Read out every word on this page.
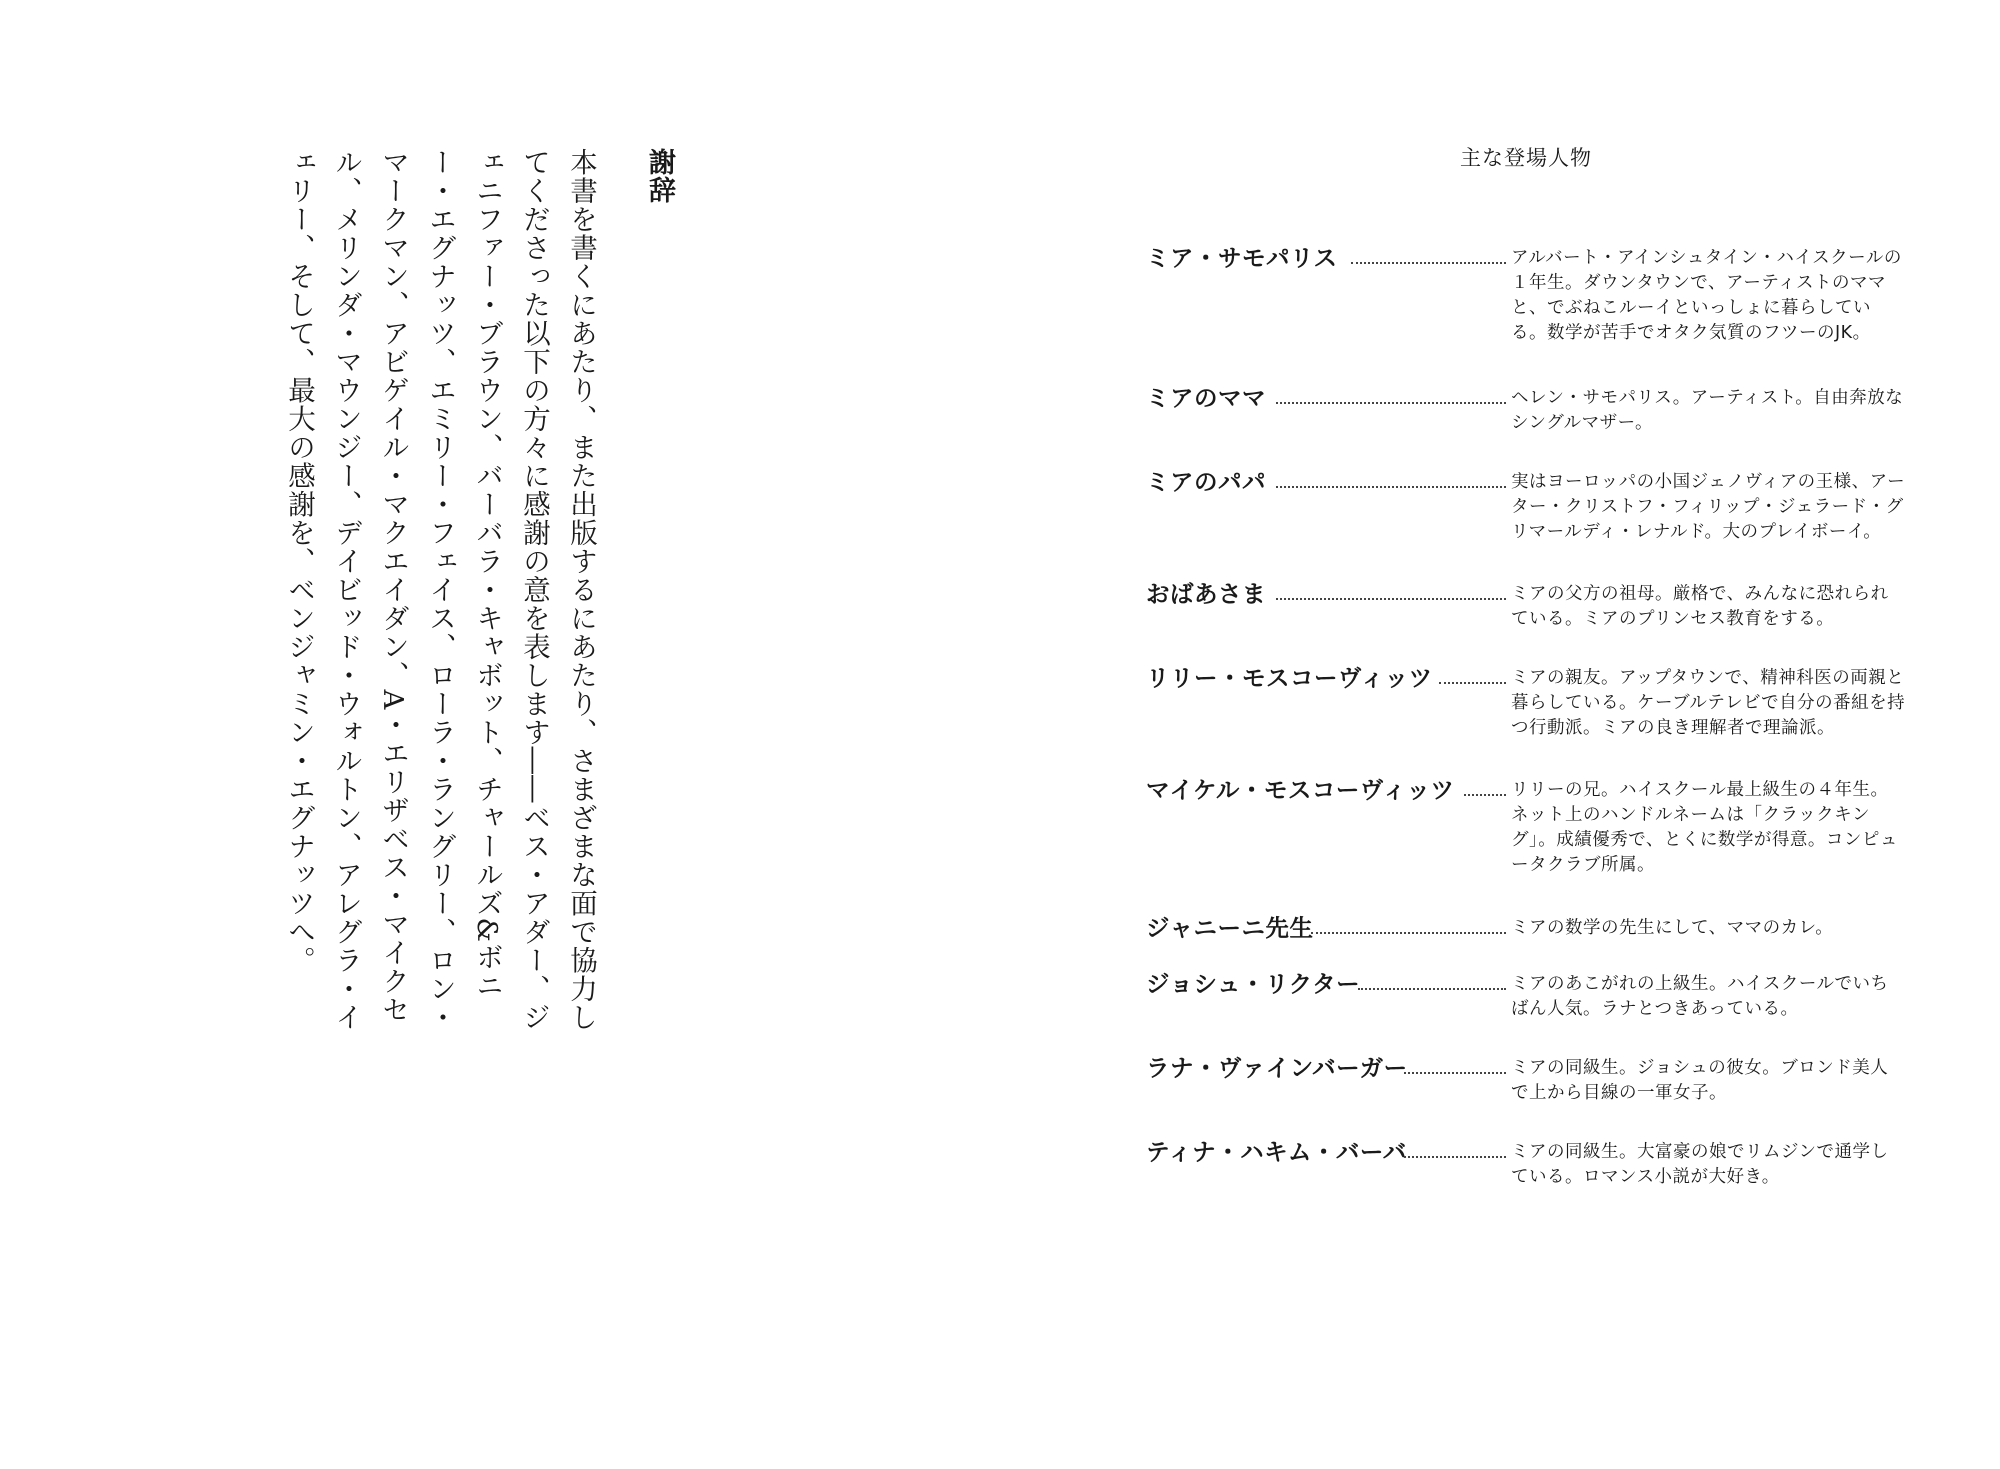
謝辞
本書を書くにあたり、また出版するにあたり、さまざまな面で協力してくださった以下の方々に感謝の意を表します――ベス・アダー、ジェニファー・ブラウン、バーバラ・キャボット、チャールズ&ボニー・エグナッツ、エミリー・フェイス、ローラ・ラングリー、ロン・マークマン、アビゲイル・マクエイダン、A・エリザベス・マイクセル、メリンダ・マウンジー、デイビッド・ウォルトン、アレグラ・イェリー、そして、最大の感謝を、ベンジャミン・エグナッツへ。	主な登場人物
ミア・サモパリス	アルバート・アインシュタイン・ハイスクールの１年生。ダウンタウンで、アーティストのママと、でぶねこルーイといっしょに暮らしている。数学が苦手でオタク気質のフツーのJK。
ミアのママ	ヘレン・サモパリス。アーティスト。自由奔放なシングルマザー。
ミアのパパ	実はヨーロッパの小国ジェノヴィアの王様、アーター・クリストフ・フィリップ・ジェラード・グリマールディ・レナルド。大のプレイボーイ。
おばあさま	ミアの父方の祖母。厳格で、みんなに恐れられている。ミアのプリンセス教育をする。
リリー・モスコーヴィッツ	ミアの親友。アップタウンで、精神科医の両親と暮らしている。ケーブルテレビで自分の番組を持つ行動派。ミアの良き理解者で理論派。
マイケル・モスコーヴィッツ	リリーの兄。ハイスクール最上級生の４年生。ネット上のハンドルネームは「クラックキング」。成績優秀で、とくに数学が得意。コンピュータクラブ所属。
ジャニーニ先生	ミアの数学の先生にして、ママのカレ。
ジョシュ・リクター	ミアのあこがれの上級生。ハイスクールでいちばん人気。ラナとつきあっている。
ラナ・ヴァインバーガー	ミアの同級生。ジョシュの彼女。ブロンド美人で上から目線の一軍女子。
ティナ・ハキム・バーバ	ミアの同級生。大富豪の娘でリムジンで通学している。ロマンス小説が大好き。
